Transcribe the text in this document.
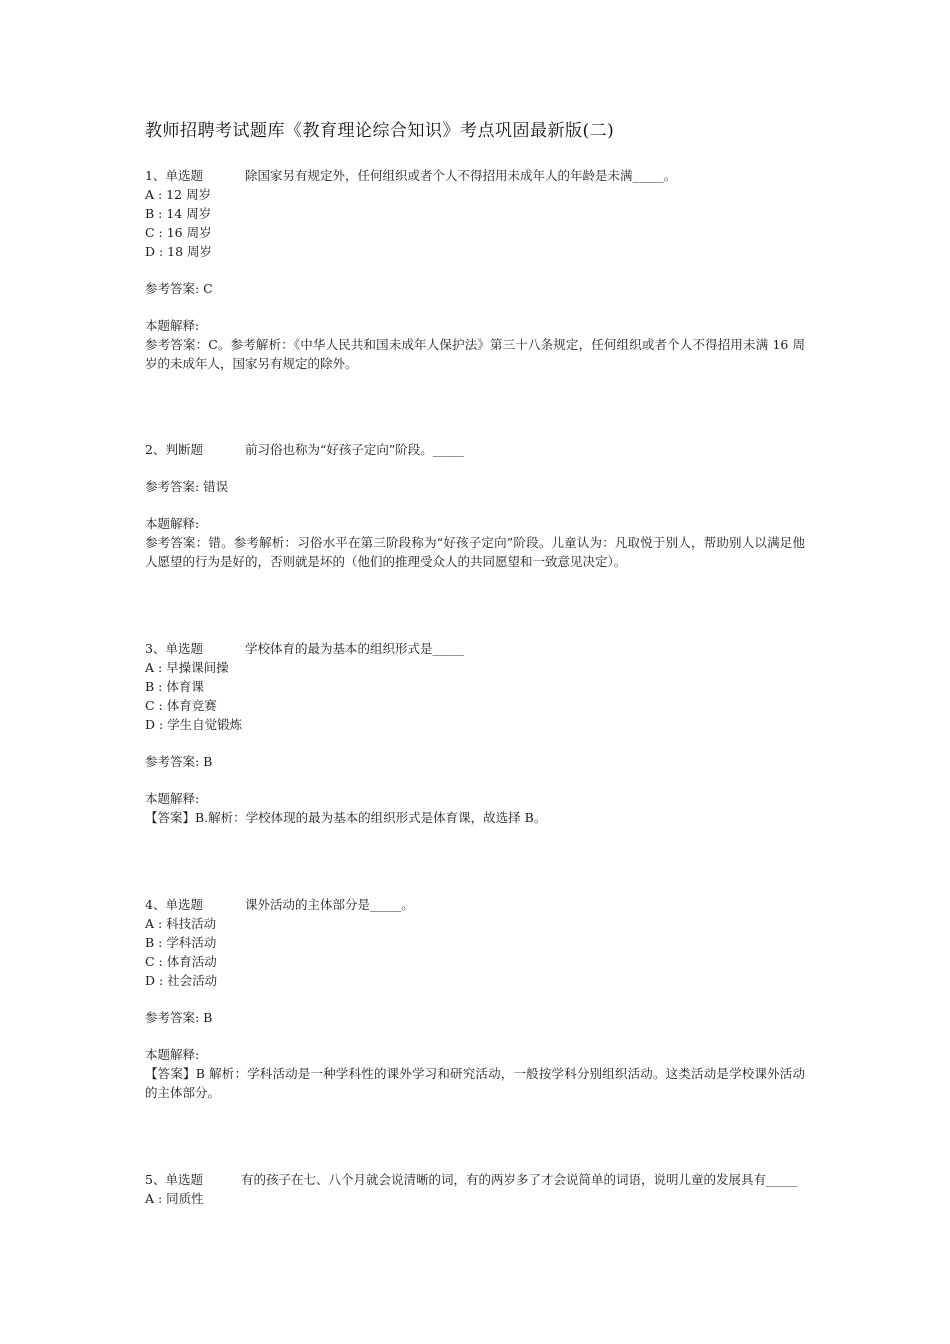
教师招聘考试题库《教育理论综合知识》考点巩固最新版(二)
1、单选题	除国家另有规定外，任何组织或者个人不得招用未成年人的年龄是未满_____。
A : 12 周岁
B : 14 周岁
C : 16 周岁
D : 18 周岁
参考答案: C
本题解释:
参考答案：C。参考解析：《中华人民共和国未成年人保护法》第三十八条规定，任何组织或者个人不得招用未满 16 周岁的未成年人，国家另有规定的除外。
2、判断题	前习俗也称为“好孩子定向”阶段。_____
参考答案: 错误
本题解释:
参考答案：错。参考解析：习俗水平在第三阶段称为“好孩子定向”阶段。儿童认为：凡取悦于别人，帮助别人以满足他人愿望的行为是好的，否则就是坏的（他们的推理受众人的共同愿望和一致意见决定）。
3、单选题	学校体育的最为基本的组织形式是_____
A : 早操课间操
B : 体育课
C : 体育竞赛
D : 学生自觉锻炼
参考答案: B
本题解释:
【答案】B.解析：学校体现的最为基本的组织形式是体育课，故选择 B。
4、单选题	课外活动的主体部分是_____。
A : 科技活动
B : 学科活动
C : 体育活动
D : 社会活动
参考答案: B
本题解释:
【答案】B 解析：学科活动是一种学科性的课外学习和研究活动，一般按学科分别组织活动。这类活动是学校课外活动的主体部分。
5、单选题	有的孩子在七、八个月就会说清晰的词，有的两岁多了才会说简单的词语，说明儿童的发展具有_____
A : 同质性
